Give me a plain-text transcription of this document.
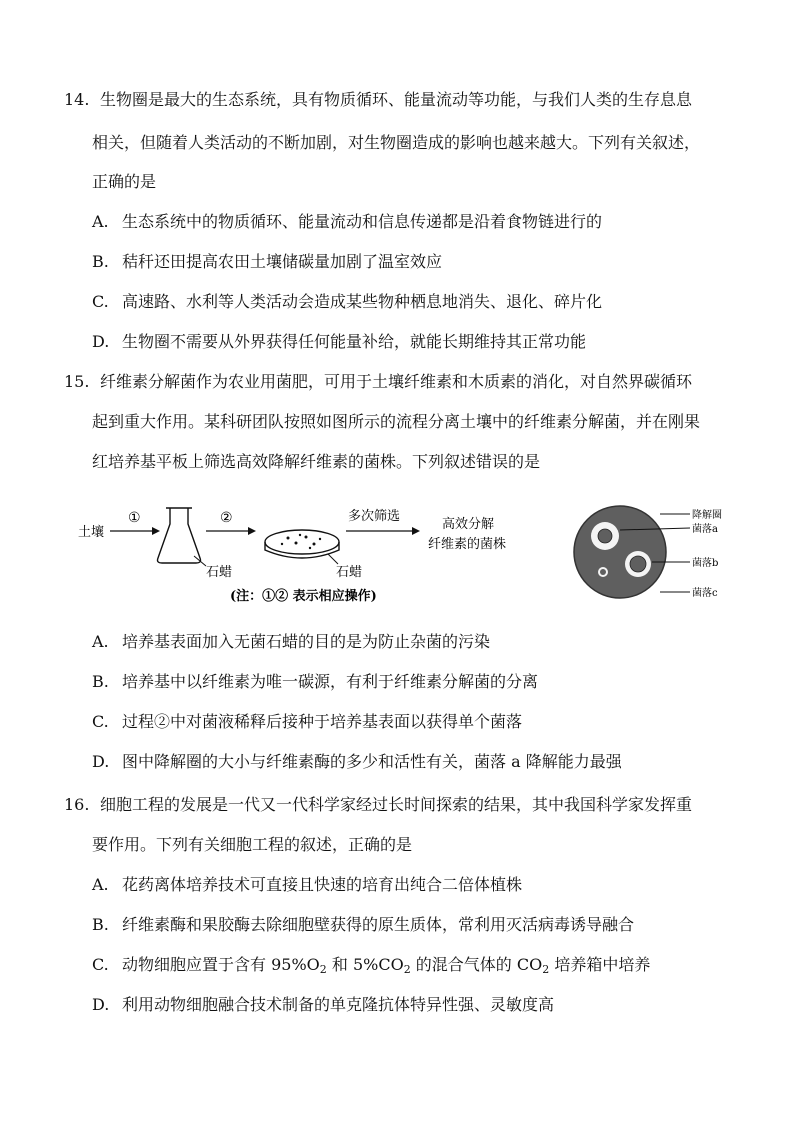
14. 生物圈是最大的生态系统，具有物质循环、能量流动等功能，与我们人类的生存息息
相关，但随着人类活动的不断加剧，对生物圈造成的影响也越来越大。下列有关叙述，
正确的是
A. 生态系统中的物质循环、能量流动和信息传递都是沿着食物链进行的
B. 秸秆还田提高农田土壤储碳量加剧了温室效应
C. 高速路、水利等人类活动会造成某些物种栖息地消失、退化、碎片化
D. 生物圈不需要从外界获得任何能量补给，就能长期维持其正常功能
15. 纤维素分解菌作为农业用菌肥，可用于土壤纤维素和木质素的消化，对自然界碳循环
起到重大作用。某科研团队按照如图所示的流程分离土壤中的纤维素分解菌，并在刚果
红培养基平板上筛选高效降解纤维素的菌株。下列叙述错误的是
土壤
①
石蜡
②
石蜡
多次筛选
高效分解
纤维素的菌株
(注：①② 表示相应操作)
降解圈
菌落a
菌落b
菌落c
A. 培养基表面加入无菌石蜡的目的是为防止杂菌的污染
B. 培养基中以纤维素为唯一碳源，有利于纤维素分解菌的分离
C. 过程②中对菌液稀释后接种于培养基表面以获得单个菌落
D. 图中降解圈的大小与纤维素酶的多少和活性有关，菌落 a 降解能力最强
16. 细胞工程的发展是一代又一代科学家经过长时间探索的结果，其中我国科学家发挥重
要作用。下列有关细胞工程的叙述，正确的是
A. 花药离体培养技术可直接且快速的培育出纯合二倍体植株
B. 纤维素酶和果胶酶去除细胞壁获得的原生质体，常利用灭活病毒诱导融合
C. 动物细胞应置于含有 $95\%O_2$ 和 $5\%CO_2$ 的混合气体的 $CO_2$ 培养箱中培养
D. 利用动物细胞融合技术制备的单克隆抗体特异性强、灵敏度高
